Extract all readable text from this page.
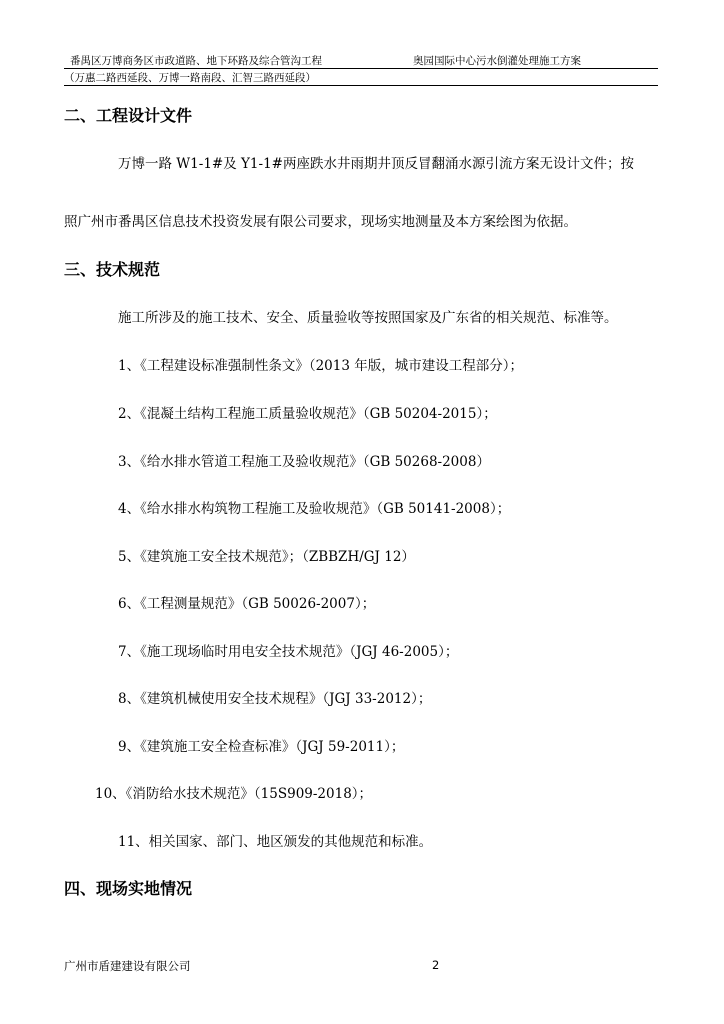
番禺区万博商务区市政道路、地下环路及综合管沟工程	奥园国际中心污水倒灌处理施工方案
（万惠二路西延段、万博一路南段、汇智三路西延段）
二、工程设计文件
万博一路 W1-1#及 Y1-1#两座跌水井雨期井顶反冒翻涌水源引流方案无设计文件；按
照广州市番禺区信息技术投资发展有限公司要求，现场实地测量及本方案绘图为依据。
三、技术规范
施工所涉及的施工技术、安全、质量验收等按照国家及广东省的相关规范、标准等。
1、《工程建设标准强制性条文》（2013 年版，城市建设工程部分）；
2、《混凝土结构工程施工质量验收规范》（GB 50204-2015）；
3、《给水排水管道工程施工及验收规范》（GB 50268-2008）
4、《给水排水构筑物工程施工及验收规范》（GB 50141-2008）；
5、《建筑施工安全技术规范》；（ZBBZH/GJ 12）
6、《工程测量规范》（GB 50026-2007）；
7、《施工现场临时用电安全技术规范》（JGJ 46-2005）；
8、《建筑机械使用安全技术规程》（JGJ 33-2012）；
9、《建筑施工安全检查标准》（JGJ 59-2011）；
10、《消防给水技术规范》（15S909-2018）；
11、相关国家、部门、地区颁发的其他规范和标准。
四、现场实地情况
广州市盾建建设有限公司	2
